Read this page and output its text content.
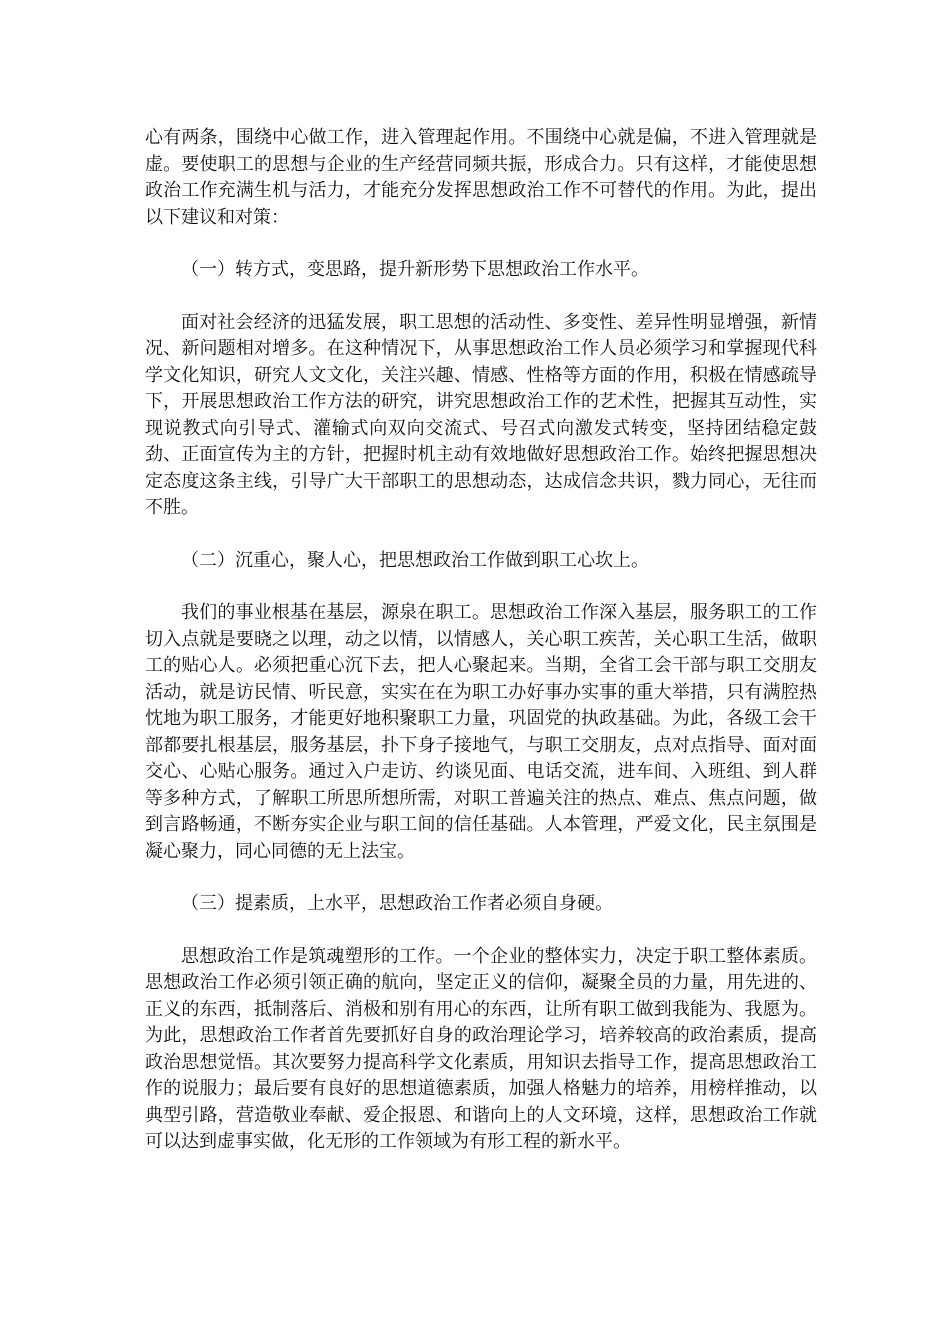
心有两条，围绕中心做工作，进入管理起作用。不围绕中心就是偏，不进入管理就是虚。要使职工的思想与企业的生产经营同频共振，形成合力。只有这样，才能使思想政治工作充满生机与活力，才能充分发挥思想政治工作不可替代的作用。为此，提出以下建议和对策：

（一）转方式，变思路，提升新形势下思想政治工作水平。

面对社会经济的迅猛发展，职工思想的活动性、多变性、差异性明显增强，新情况、新问题相对增多。在这种情况下，从事思想政治工作人员必须学习和掌握现代科学文化知识，研究人文文化，关注兴趣、情感、性格等方面的作用，积极在情感疏导下，开展思想政治工作方法的研究，讲究思想政治工作的艺术性，把握其互动性，实现说教式向引导式、灌输式向双向交流式、号召式向激发式转变，坚持团结稳定鼓劲、正面宣传为主的方针，把握时机主动有效地做好思想政治工作。始终把握思想决定态度这条主线，引导广大干部职工的思想动态，达成信念共识，戮力同心，无往而不胜。

（二）沉重心，聚人心，把思想政治工作做到职工心坎上。

我们的事业根基在基层，源泉在职工。思想政治工作深入基层，服务职工的工作切入点就是要晓之以理，动之以情，以情感人，关心职工疾苦，关心职工生活，做职工的贴心人。必须把重心沉下去，把人心聚起来。当期，全省工会干部与职工交朋友活动，就是访民情、听民意，实实在在为职工办好事办实事的重大举措，只有满腔热忱地为职工服务，才能更好地积聚职工力量，巩固党的执政基础。为此，各级工会干部都要扎根基层，服务基层，扑下身子接地气，与职工交朋友，点对点指导、面对面交心、心贴心服务。通过入户走访、约谈见面、电话交流，进车间、入班组、到人群等多种方式，了解职工所思所想所需，对职工普遍关注的热点、难点、焦点问题，做到言路畅通，不断夯实企业与职工间的信任基础。人本管理，严爱文化，民主氛围是凝心聚力，同心同德的无上法宝。

（三）提素质，上水平，思想政治工作者必须自身硬。

思想政治工作是筑魂塑形的工作。一个企业的整体实力，决定于职工整体素质。思想政治工作必须引领正确的航向，坚定正义的信仰，凝聚全员的力量，用先进的、正义的东西，抵制落后、消极和别有用心的东西，让所有职工做到我能为、我愿为。为此，思想政治工作者首先要抓好自身的政治理论学习，培养较高的政治素质，提高政治思想觉悟。其次要努力提高科学文化素质，用知识去指导工作，提高思想政治工作的说服力；最后要有良好的思想道德素质，加强人格魅力的培养，用榜样推动，以典型引路，营造敬业奉献、爱企报恩、和谐向上的人文环境，这样，思想政治工作就可以达到虚事实做，化无形的工作领域为有形工程的新水平。
